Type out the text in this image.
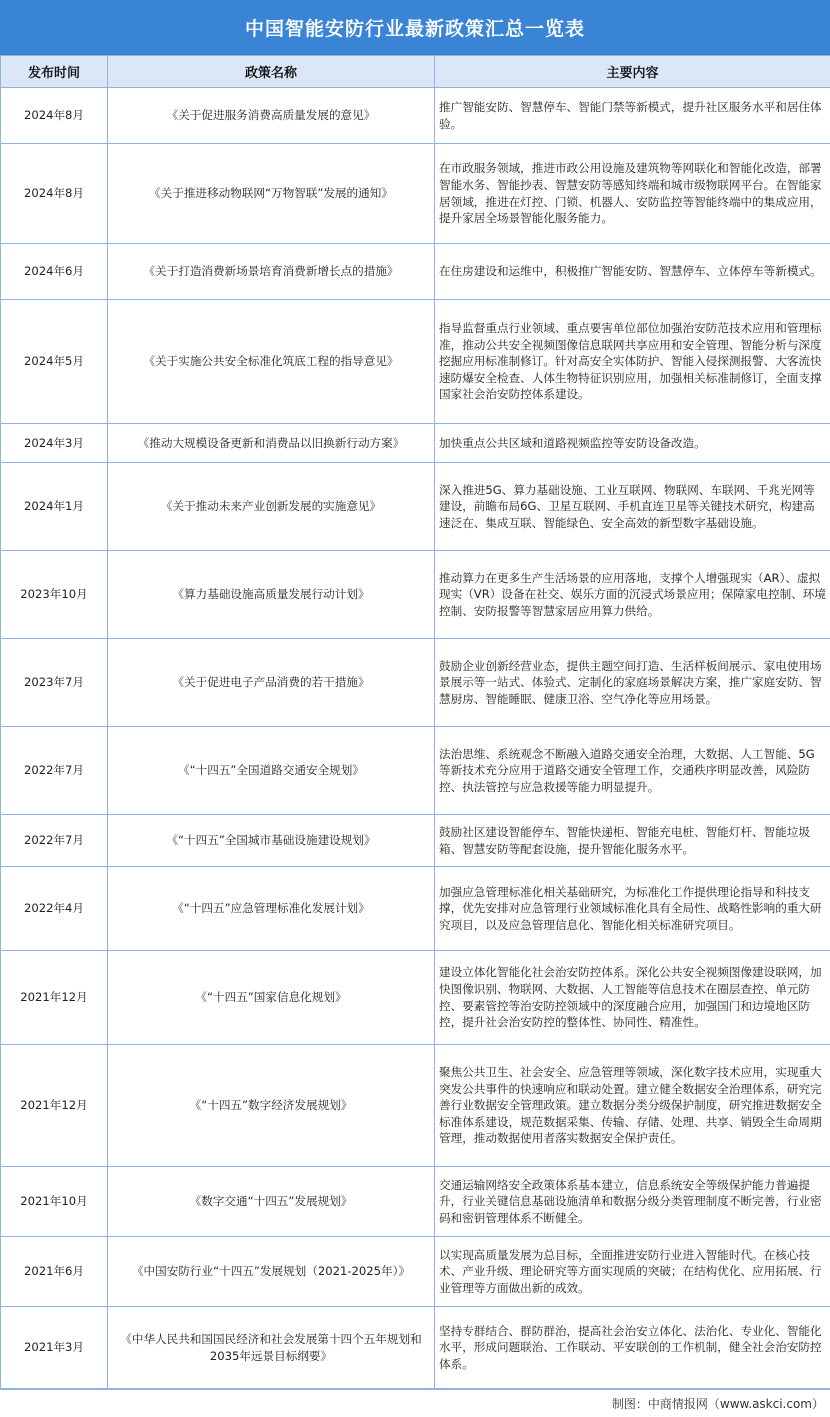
中国智能安防行业最新政策汇总一览表
发布时间	政策名称	主要内容
2024年8月	《关于促进服务消费高质量发展的意见》	推广智能安防、智慧停车、智能门禁等新模式，提升社区服务水平和居住体验。
2024年8月	《关于推进移动物联网“万物智联”发展的通知》	在市政服务领域，推进市政公用设施及建筑物等网联化和智能化改造，部署智能水务、智能抄表、智慧安防等感知终端和城市级物联网平台。在智能家居领域，推进在灯控、门锁、机器人、安防监控等智能终端中的集成应用，提升家居全场景智能化服务能力。
2024年6月	《关于打造消费新场景培育消费新增长点的措施》	在住房建设和运维中，积极推广智能安防、智慧停车、立体停车等新模式。
2024年5月	《关于实施公共安全标准化筑底工程的指导意见》	指导监督重点行业领域、重点要害单位部位加强治安防范技术应用和管理标准，推动公共安全视频图像信息联网共享应用和安全管理、智能分析与深度挖掘应用标准制修订。针对高安全实体防护、智能入侵探测报警、大客流快速防爆安全检查、人体生物特征识别应用，加强相关标准制修订，全面支撑国家社会治安防控体系建设。
2024年3月	《推动大规模设备更新和消费品以旧换新行动方案》	加快重点公共区域和道路视频监控等安防设备改造。
2024年1月	《关于推动未来产业创新发展的实施意见》	深入推进5G、算力基础设施、工业互联网、物联网、车联网、千兆光网等建设，前瞻布局6G、卫星互联网、手机直连卫星等关键技术研究，构建高速泛在、集成互联、智能绿色、安全高效的新型数字基础设施。
2023年10月	《算力基础设施高质量发展行动计划》	推动算力在更多生产生活场景的应用落地，支撑个人增强现实（AR）、虚拟现实（VR）设备在社交、娱乐方面的沉浸式场景应用；保障家电控制、环境控制、安防报警等智慧家居应用算力供给。
2023年7月	《关于促进电子产品消费的若干措施》	鼓励企业创新经营业态，提供主题空间打造、生活样板间展示、家电使用场景展示等一站式、体验式、定制化的家庭场景解决方案，推广家庭安防、智慧厨房、智能睡眠、健康卫浴、空气净化等应用场景。
2022年7月	《“十四五”全国道路交通安全规划》	法治思维、系统观念不断融入道路交通安全治理，大数据、人工智能、5G等新技术充分应用于道路交通安全管理工作，交通秩序明显改善，风险防控、执法管控与应急救援等能力明显提升。
2022年7月	《“十四五”全国城市基础设施建设规划》	鼓励社区建设智能停车、智能快递柜、智能充电桩、智能灯杆、智能垃圾箱、智慧安防等配套设施，提升智能化服务水平。
2022年4月	《“十四五”应急管理标准化发展计划》	加强应急管理标准化相关基础研究，为标准化工作提供理论指导和科技支撑，优先安排对应急管理行业领域标准化具有全局性、战略性影响的重大研究项目，以及应急管理信息化、智能化相关标准研究项目。
2021年12月	《“十四五”国家信息化规划》	建设立体化智能化社会治安防控体系。深化公共安全视频图像建设联网，加快图像识别、物联网、大数据、人工智能等信息技术在圈层查控、单元防控、要素管控等治安防控领域中的深度融合应用，加强国门和边境地区防控，提升社会治安防控的整体性、协同性、精准性。
2021年12月	《“十四五”数字经济发展规划》	聚焦公共卫生、社会安全、应急管理等领域，深化数字技术应用，实现重大突发公共事件的快速响应和联动处置。建立健全数据安全治理体系，研究完善行业数据安全管理政策。建立数据分类分级保护制度，研究推进数据安全标准体系建设，规范数据采集、传输、存储、处理、共享、销毁全生命周期管理，推动数据使用者落实数据安全保护责任。
2021年10月	《数字交通“十四五”发展规划》	交通运输网络安全政策体系基本建立，信息系统安全等级保护能力普遍提升，行业关键信息基础设施清单和数据分级分类管理制度不断完善，行业密码和密钥管理体系不断健全。
2021年6月	《中国安防行业“十四五”发展规划（2021-2025年）》	以实现高质量发展为总目标，全面推进安防行业进入智能时代。在核心技术、产业升级、理论研究等方面实现质的突破；在结构优化、应用拓展、行业管理等方面做出新的成效。
2021年3月	《中华人民共和国国民经济和社会发展第十四个五年规划和2035年远景目标纲要》	坚持专群结合、群防群治，提高社会治安立体化、法治化、专业化、智能化水平，形成问题联治、工作联动、平安联创的工作机制，健全社会治安防控体系。
制图：中商情报网（www.askci.com）
